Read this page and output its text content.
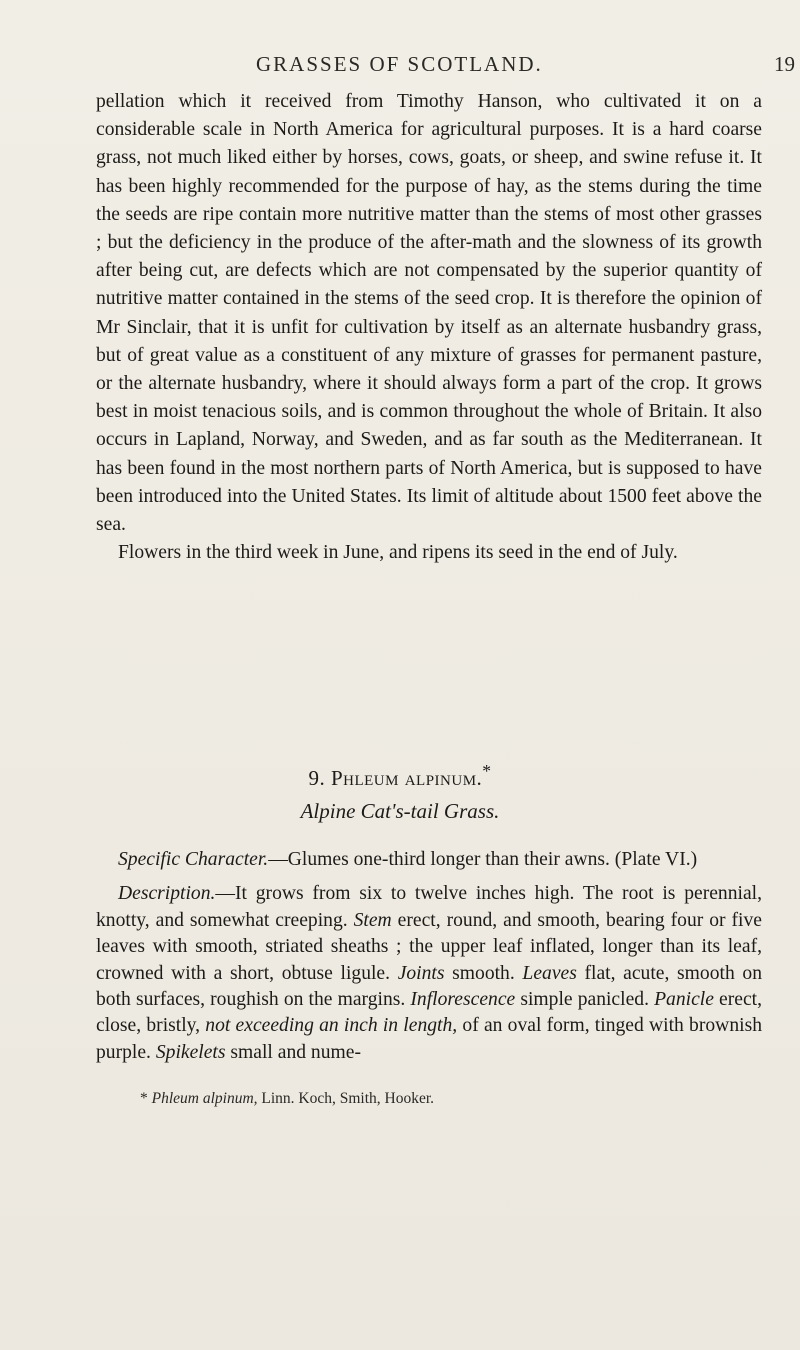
GRASSES OF SCOTLAND.	19

pellation which it received from Timothy Hanson, who cultivated it on a considerable scale in North America for agricultural purposes. It is a hard coarse grass, not much liked either by horses, cows, goats, or sheep, and swine refuse it. It has been highly recommended for the purpose of hay, as the stems during the time the seeds are ripe contain more nutritive matter than the stems of most other grasses ; but the deficiency in the produce of the after-math and the slowness of its growth after being cut, are defects which are not compensated by the superior quantity of nutritive matter contained in the stems of the seed crop. It is therefore the opinion of Mr Sinclair, that it is unfit for cultivation by itself as an alternate husbandry grass, but of great value as a constituent of any mixture of grasses for permanent pasture, or the alternate husbandry, where it should always form a part of the crop. It grows best in moist tenacious soils, and is common throughout the whole of Britain. It also occurs in Lapland, Norway, and Sweden, and as far south as the Mediterranean. It has been found in the most northern parts of North America, but is supposed to have been introduced into the United States. Its limit of altitude about 1500 feet above the sea.

Flowers in the third week in June, and ripens its seed in the end of July.

9. Phleum alpinum.*
Alpine Cat's-tail Grass.

Specific Character.—Glumes one-third longer than their awns. (Plate VI.)

Description.—It grows from six to twelve inches high. The root is perennial, knotty, and somewhat creeping. Stem erect, round, and smooth, bearing four or five leaves with smooth, striated sheaths ; the upper leaf inflated, longer than its leaf, crowned with a short, obtuse ligule. Joints smooth. Leaves flat, acute, smooth on both surfaces, roughish on the margins. Inflorescence simple panicled. Panicle erect, close, bristly, not exceeding an inch in length, of an oval form, tinged with brownish purple. Spikelets small and nume-

* Phleum alpinum, Linn. Koch, Smith, Hooker.
